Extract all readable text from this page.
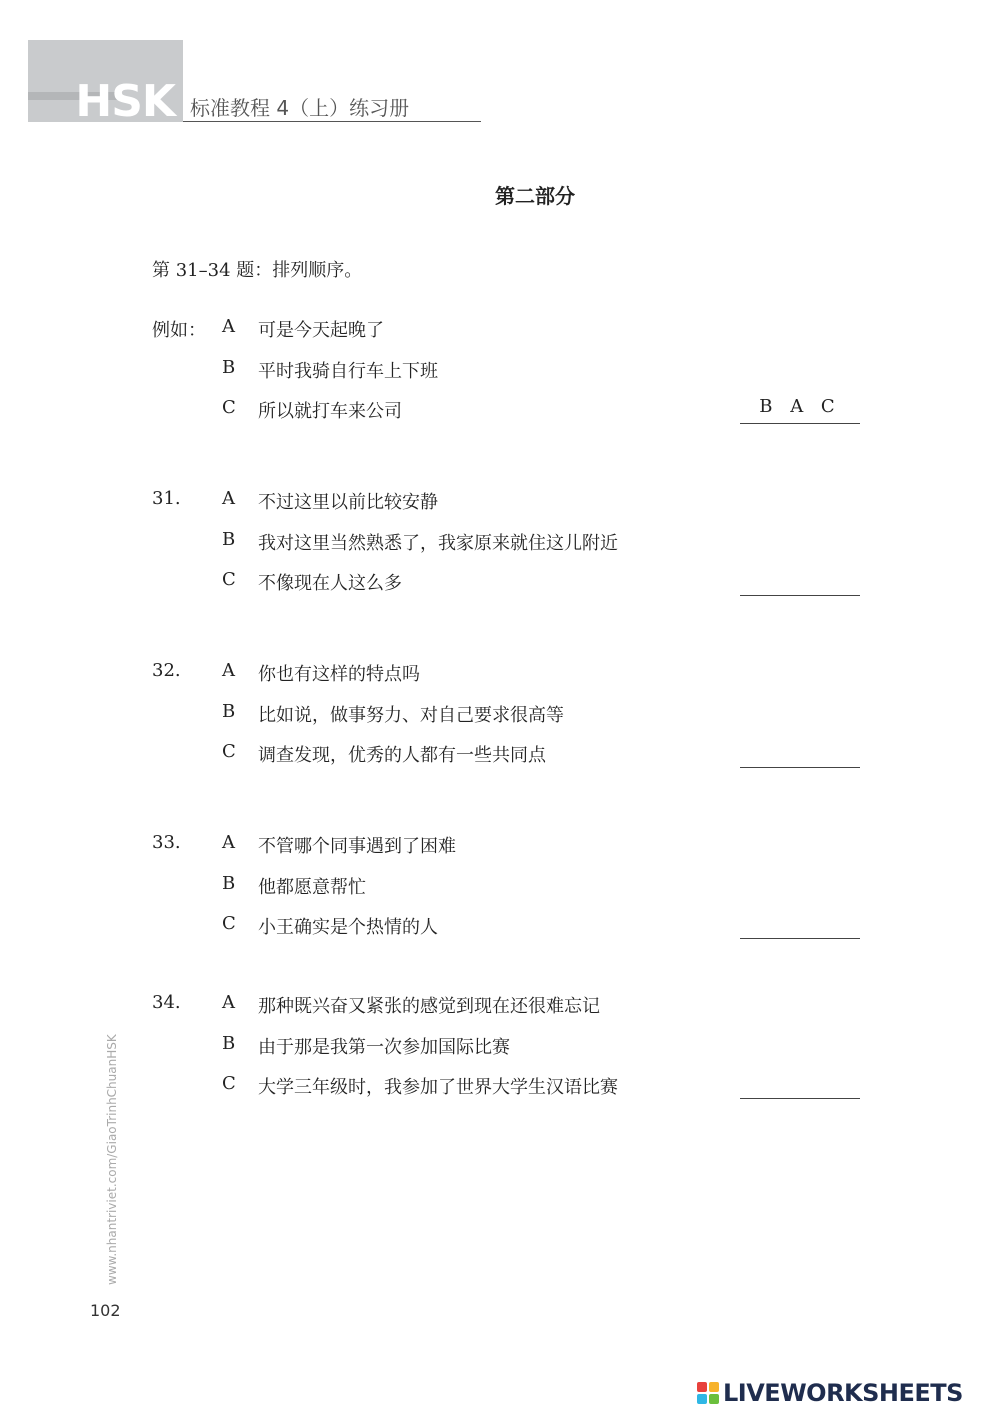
HSK 标准教程 4（上）练习册
第二部分
第 31–34 题：排列顺序。
例如： A 可是今天起晚了
B 平时我骑自行车上下班
C 所以就打车来公司	B A C
31. A 不过这里以前比较安静
B 我对这里当然熟悉了，我家原来就住这儿附近
C 不像现在人这么多
32. A 你也有这样的特点吗
B 比如说，做事努力、对自己要求很高等
C 调查发现，优秀的人都有一些共同点
33. A 不管哪个同事遇到了困难
B 他都愿意帮忙
C 小王确实是个热情的人
34. A 那种既兴奋又紧张的感觉到现在还很难忘记
B 由于那是我第一次参加国际比赛
C 大学三年级时，我参加了世界大学生汉语比赛
www.nhantriviet.com/GiaoTrinhChuanHSK
102
LIVEWORKSHEETS
